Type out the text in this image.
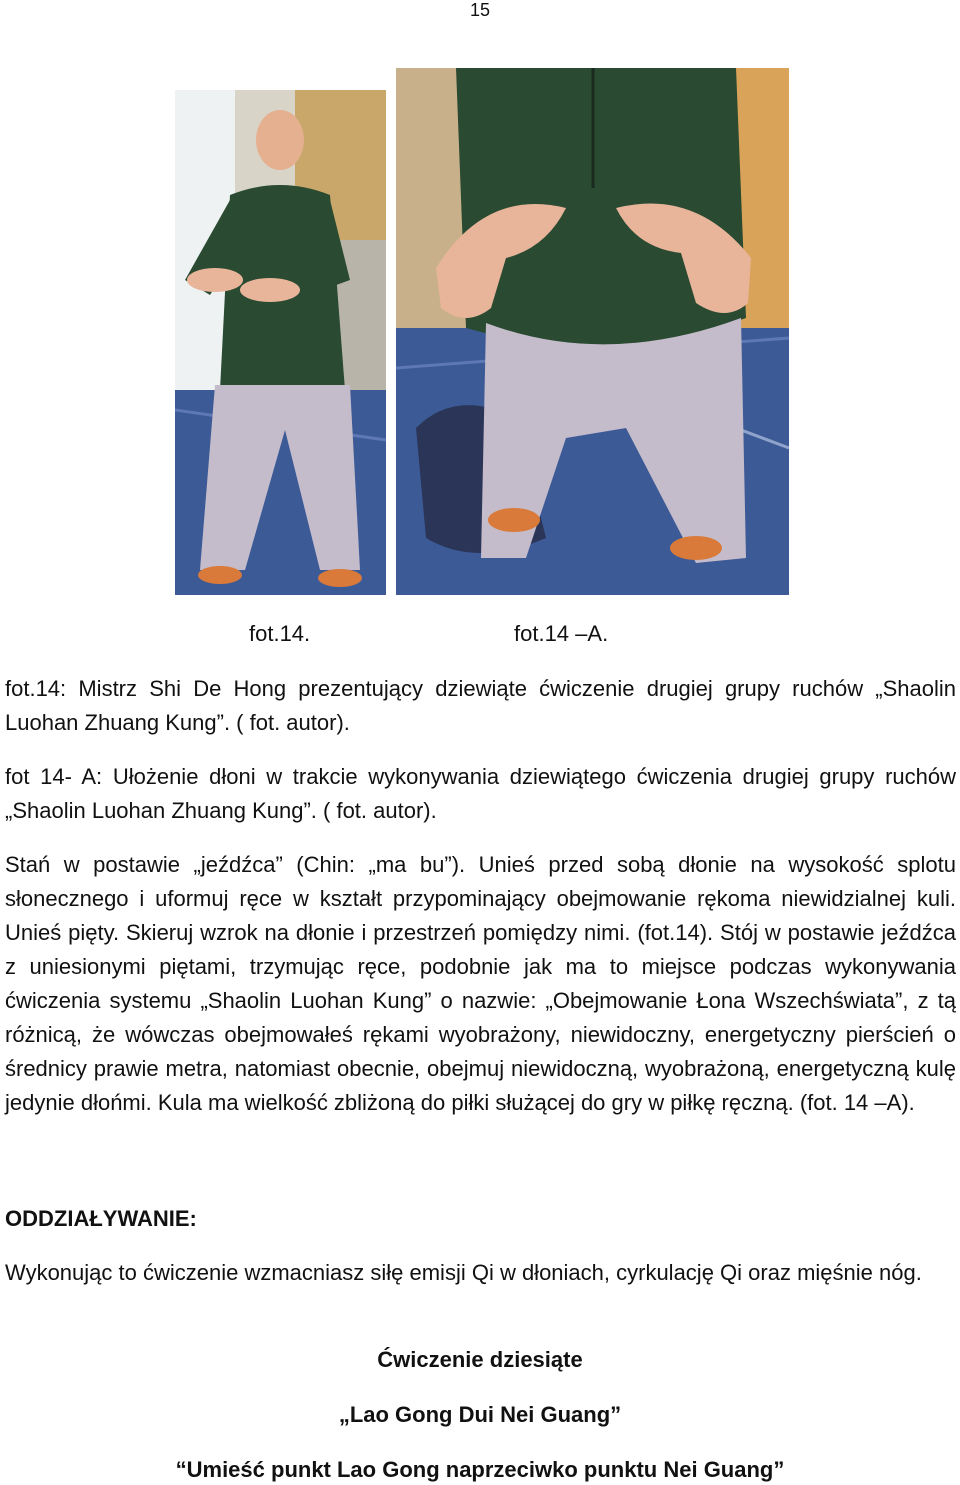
15
fot.14.	fot.14 –A.

fot.14: Mistrz Shi De Hong prezentujący dziewiąte ćwiczenie drugiej grupy ruchów „Shaolin Luohan Zhuang Kung”. ( fot. autor).

fot 14- A: Ułożenie dłoni w trakcie wykonywania dziewiątego ćwiczenia drugiej grupy ruchów „Shaolin Luohan Zhuang Kung”. ( fot. autor).

Stań w postawie „jeźdźca” (Chin: „ma bu”). Unieś przed sobą dłonie na wysokość splotu słonecznego i uformuj ręce w kształt przypominający obejmowanie rękoma niewidzialnej kuli. Unieś pięty. Skieruj wzrok na dłonie i przestrzeń pomiędzy nimi. (fot.14). Stój w postawie jeźdźca z uniesionymi piętami, trzymując ręce, podobnie jak ma to miejsce podczas wykonywania ćwiczenia systemu „Shaolin Luohan Kung” o nazwie: „Obejmowanie Łona Wszechświata”, z tą różnicą, że wówczas obejmowałeś rękami wyobrażony, niewidoczny, energetyczny pierścień o średnicy prawie metra, natomiast obecnie, obejmuj niewidoczną, wyobrażoną, energetyczną kulę jedynie dłońmi. Kula ma wielkość zbliżoną do piłki służącej do gry w piłkę ręczną. (fot. 14 –A).

ODDZIAŁYWANIE:

Wykonując to ćwiczenie wzmacniasz siłę emisji Qi w dłoniach, cyrkulację Qi oraz mięśnie nóg.

Ćwiczenie dziesiąte

„Lao Gong Dui Nei Guang”

“Umieść punkt Lao Gong naprzeciwko punktu Nei Guang”
